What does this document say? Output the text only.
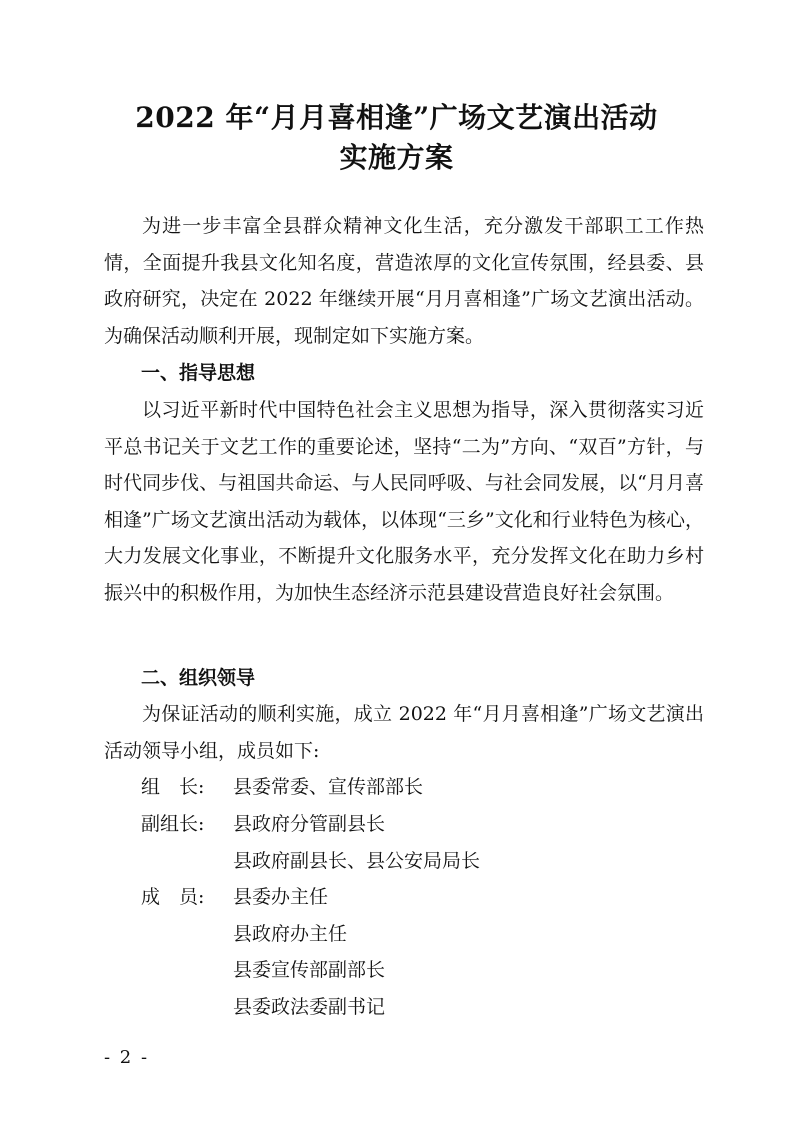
2022 年“月月喜相逢”广场文艺演出活动
实施方案
为进一步丰富全县群众精神文化生活，充分激发干部职工工作热情，全面提升我县文化知名度，营造浓厚的文化宣传氛围，经县委、县政府研究，决定在 2022 年继续开展“月月喜相逢”广场文艺演出活动。为确保活动顺利开展，现制定如下实施方案。
一、指导思想
以习近平新时代中国特色社会主义思想为指导，深入贯彻落实习近平总书记关于文艺工作的重要论述，坚持“二为”方向、“双百”方针，与时代同步伐、与祖国共命运、与人民同呼吸、与社会同发展，以“月月喜相逢”广场文艺演出活动为载体，以体现“三乡”文化和行业特色为核心，大力发展文化事业，不断提升文化服务水平，充分发挥文化在助力乡村振兴中的积极作用，为加快生态经济示范县建设营造良好社会氛围。
二、组织领导
为保证活动的顺利实施，成立 2022 年“月月喜相逢”广场文艺演出活动领导小组，成员如下:
组　长: 县委常委、宣传部部长
副组长: 县政府分管副县长
县政府副县长、县公安局局长
成　员: 县委办主任
县政府办主任
县委宣传部副部长
县委政法委副书记
- 2 -
